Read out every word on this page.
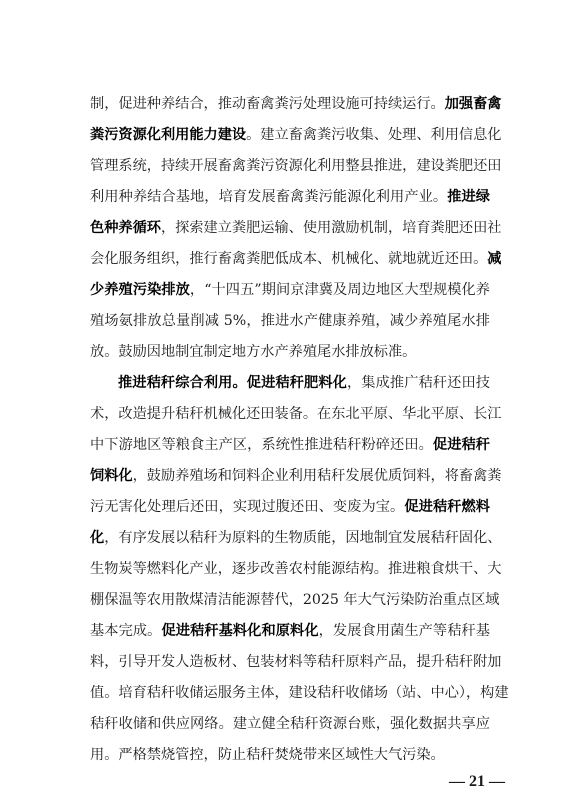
制，促进种养结合，推动畜禽粪污处理设施可持续运行。加强畜禽
粪污资源化利用能力建设。建立畜禽粪污收集、处理、利用信息化
管理系统，持续开展畜禽粪污资源化利用整县推进，建设粪肥还田
利用种养结合基地，培育发展畜禽粪污能源化利用产业。推进绿
色种养循环，探索建立粪肥运输、使用激励机制，培育粪肥还田社
会化服务组织，推行畜禽粪肥低成本、机械化、就地就近还田。减
少养殖污染排放，“十四五”期间京津冀及周边地区大型规模化养
殖场氨排放总量削减 5%，推进水产健康养殖，减少养殖尾水排
放。鼓励因地制宜制定地方水产养殖尾水排放标准。
推进秸秆综合利用。促进秸秆肥料化，集成推广秸秆还田技
术，改造提升秸秆机械化还田装备。在东北平原、华北平原、长江
中下游地区等粮食主产区，系统性推进秸秆粉碎还田。促进秸秆
饲料化，鼓励养殖场和饲料企业利用秸秆发展优质饲料，将畜禽粪
污无害化处理后还田，实现过腹还田、变废为宝。促进秸秆燃料
化，有序发展以秸秆为原料的生物质能，因地制宜发展秸秆固化、
生物炭等燃料化产业，逐步改善农村能源结构。推进粮食烘干、大
棚保温等农用散煤清洁能源替代，2025 年大气污染防治重点区域
基本完成。促进秸秆基料化和原料化，发展食用菌生产等秸秆基
料，引导开发人造板材、包装材料等秸秆原料产品，提升秸秆附加
值。培育秸秆收储运服务主体，建设秸秆收储场（站、中心），构建
秸秆收储和供应网络。建立健全秸秆资源台账，强化数据共享应
用。严格禁烧管控，防止秸秆焚烧带来区域性大气污染。
— 21 —
